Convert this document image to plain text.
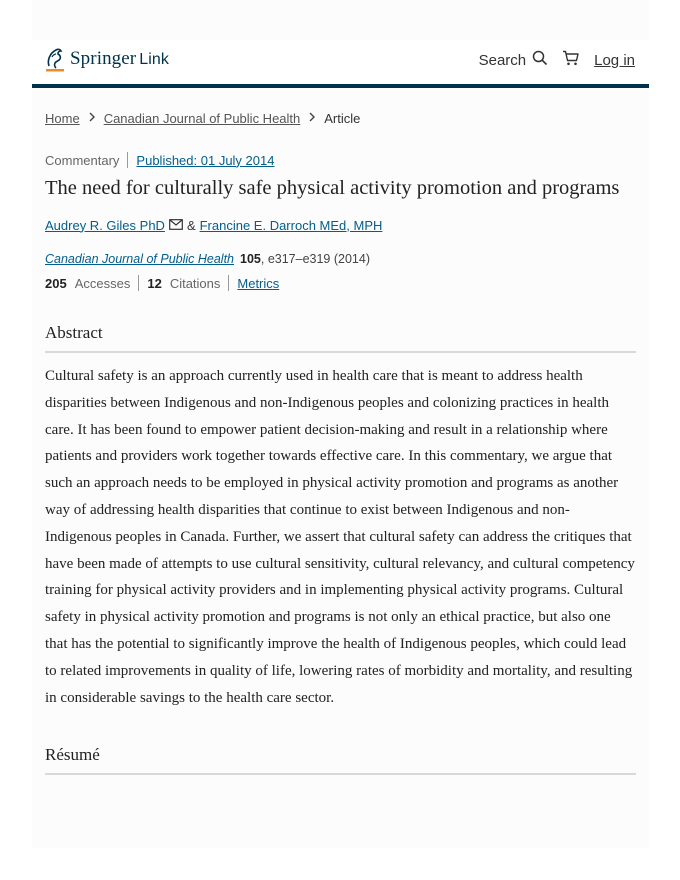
Springer Link	Search	Log in
Home Canadian Journal of Public Health Article
Commentary Published: 01 July 2014
The need for culturally safe physical activity promotion and programs
Audrey R. Giles PhD & Francine E. Darroch MEd, MPH
Canadian Journal of Public Health 105, e317–e319 (2014)
205 Accesses 12 Citations Metrics
Abstract

Cultural safety is an approach currently used in health care that is meant to address health disparities between Indigenous and non-Indigenous peoples and colonizing practices in health care. It has been found to empower patient decision-making and result in a relationship where patients and providers work together towards effective care. In this commentary, we argue that such an approach needs to be employed in physical activity promotion and programs as another way of addressing health disparities that continue to exist between Indigenous and non-Indigenous peoples in Canada. Further, we assert that cultural safety can address the critiques that have been made of attempts to use cultural sensitivity, cultural relevancy, and cultural competency training for physical activity providers and in implementing physical activity programs. Cultural safety in physical activity promotion and programs is not only an ethical practice, but also one that has the potential to significantly improve the health of Indigenous peoples, which could lead to related improvements in quality of life, lowering rates of morbidity and mortality, and resulting in considerable savings to the health care sector.

Résumé
